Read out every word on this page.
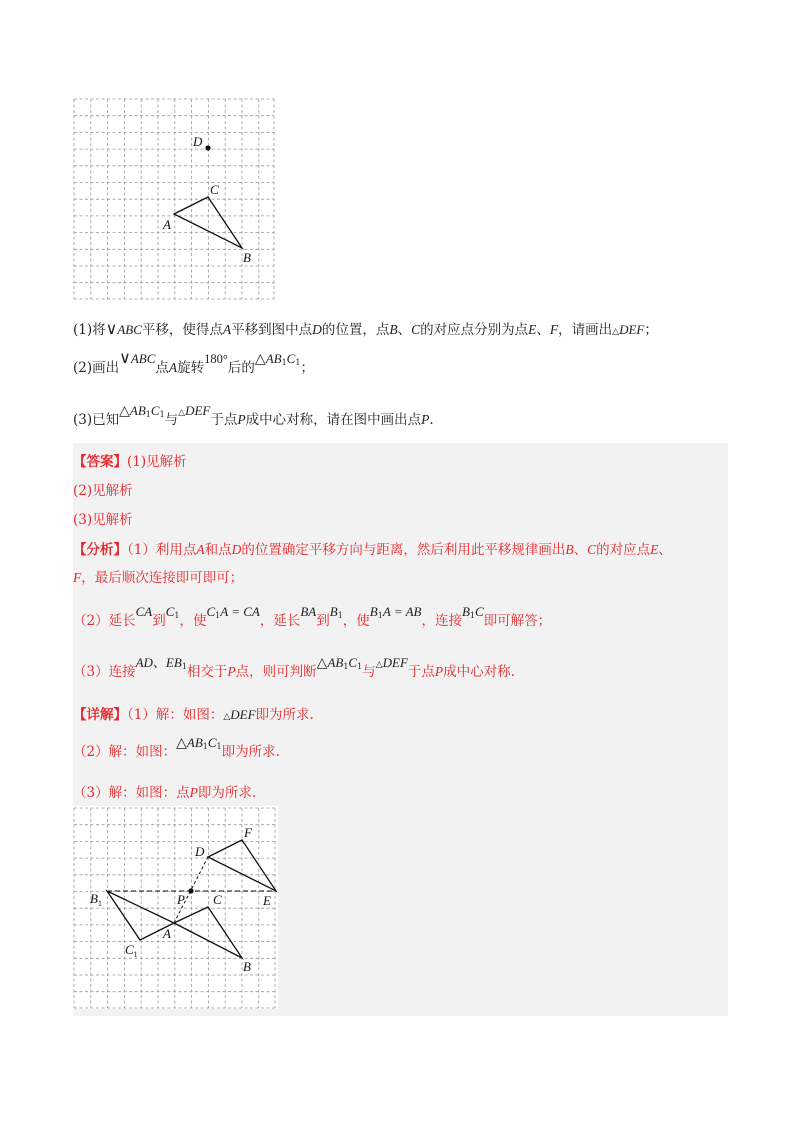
D
C
A
B
(1)将∨ABC平移，使得点A平移到图中点D的位置，点B、C的对应点分别为点E、F，请画出△DEF；
(2)画出∨ABC点A旋转180°后的△AB1C1；
(3)已知△AB1C1与△DEF于点P成中心对称，请在图中画出点P.
【答案】(1)见解析
(2)见解析
(3)见解析
【分析】（1）利用点A和点D的位置确定平移方向与距离，然后利用此平移规律画出B、C的对应点E、
F，最后顺次连接即可即可；
（2）延长CA到C1，使C1A = CA，延长BA到B1，使B1A = AB，连接B1C即可解答；
（3）连接AD、EB1相交于P点，则可判断△AB1C1与△DEF于点P成中心对称.
【详解】（1）解：如图：△DEF即为所求.
（2）解：如图：△AB1C1即为所求.
（3）解：如图：点P即为所求.
F
D
$B_1$	P C	E
$C_1$
A
B
